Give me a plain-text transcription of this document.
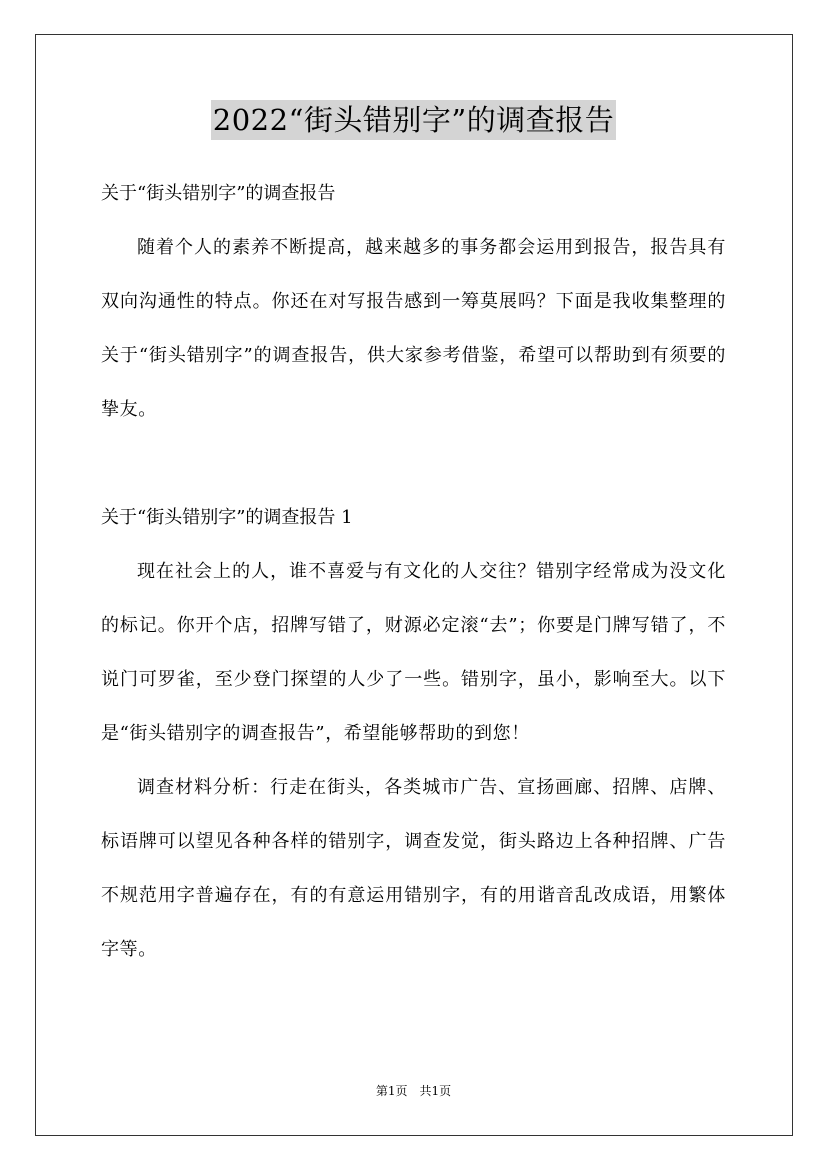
2022“街头错别字”的调查报告

关于“街头错别字”的调查报告

随着个人的素养不断提高，越来越多的事务都会运用到报告，报告具有双向沟通性的特点。你还在对写报告感到一筹莫展吗？下面是我收集整理的关于“街头错别字”的调查报告，供大家参考借鉴，希望可以帮助到有须要的挚友。

关于“街头错别字”的调查报告 1

现在社会上的人，谁不喜爱与有文化的人交往？错别字经常成为没文化的标记。你开个店，招牌写错了，财源必定滚“去”；你要是门牌写错了，不说门可罗雀，至少登门探望的人少了一些。错别字，虽小，影响至大。以下是“街头错别字的调查报告”，希望能够帮助的到您！

调查材料分析：行走在街头，各类城市广告、宣扬画廊、招牌、店牌、标语牌可以望见各种各样的错别字，调查发觉，街头路边上各种招牌、广告不规范用字普遍存在，有的有意运用错别字，有的用谐音乱改成语，用繁体字等。

第1页　共1页
